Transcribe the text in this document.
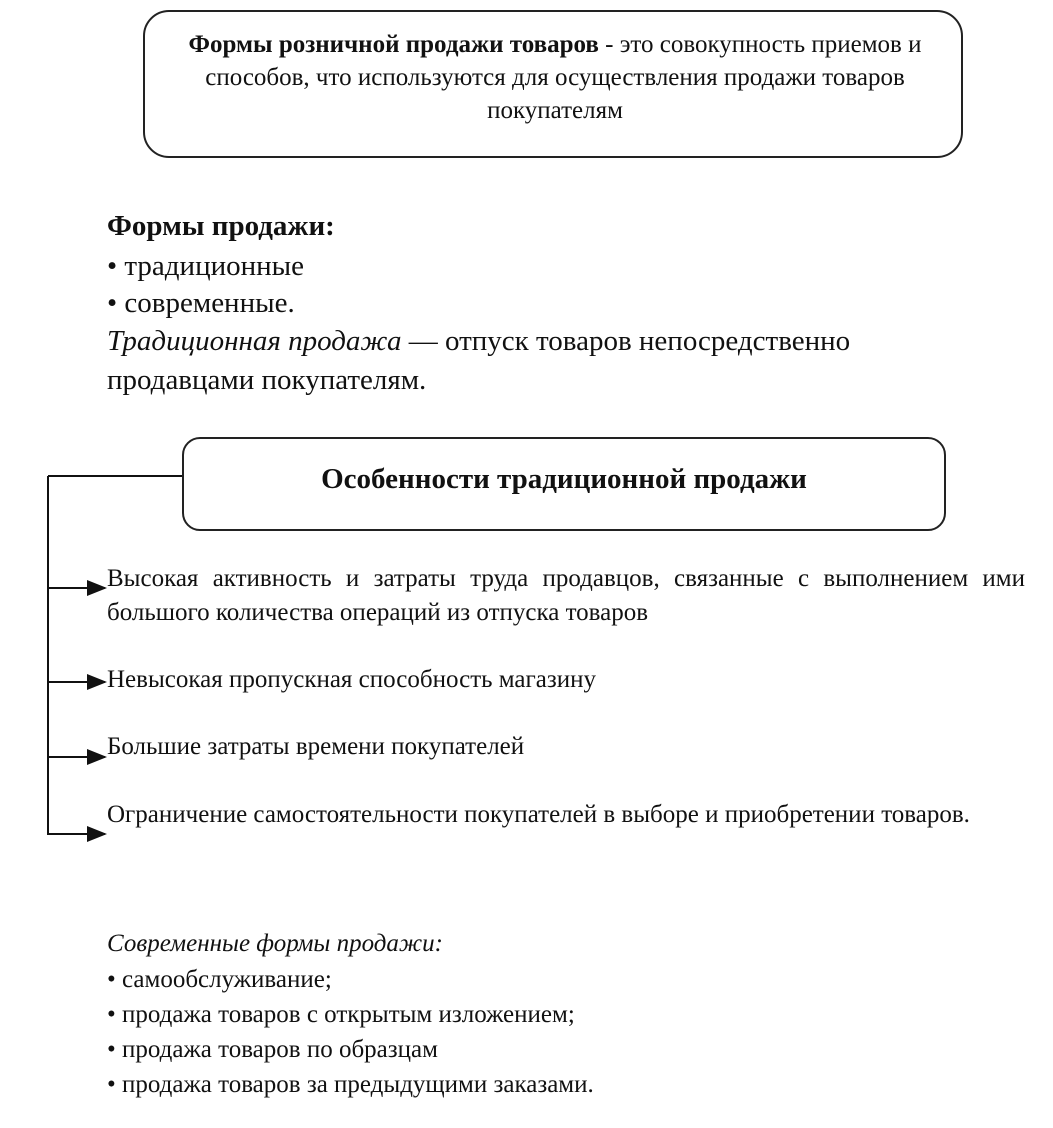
Формы розничной продажи товаров - это совокупность приемов и способов, что используются для осуществления продажи товаров покупателям
Формы продажи:
• традиционные
• современные.
Традиционная продажа — отпуск товаров непосредственно продавцами покупателям.
Особенности традиционной продажи
Высокая активность и затраты труда продавцов, связанные с выполнением ими большого количества операций из отпуска товаров
Невысокая пропускная способность магазину
Большие затраты времени покупателей
Ограничение самостоятельности покупателей в выборе и приобретении товаров.
Современные формы продажи:
• самообслуживание;
• продажа товаров с открытым изложением;
• продажа товаров по образцам
• продажа товаров за предыдущими заказами.
